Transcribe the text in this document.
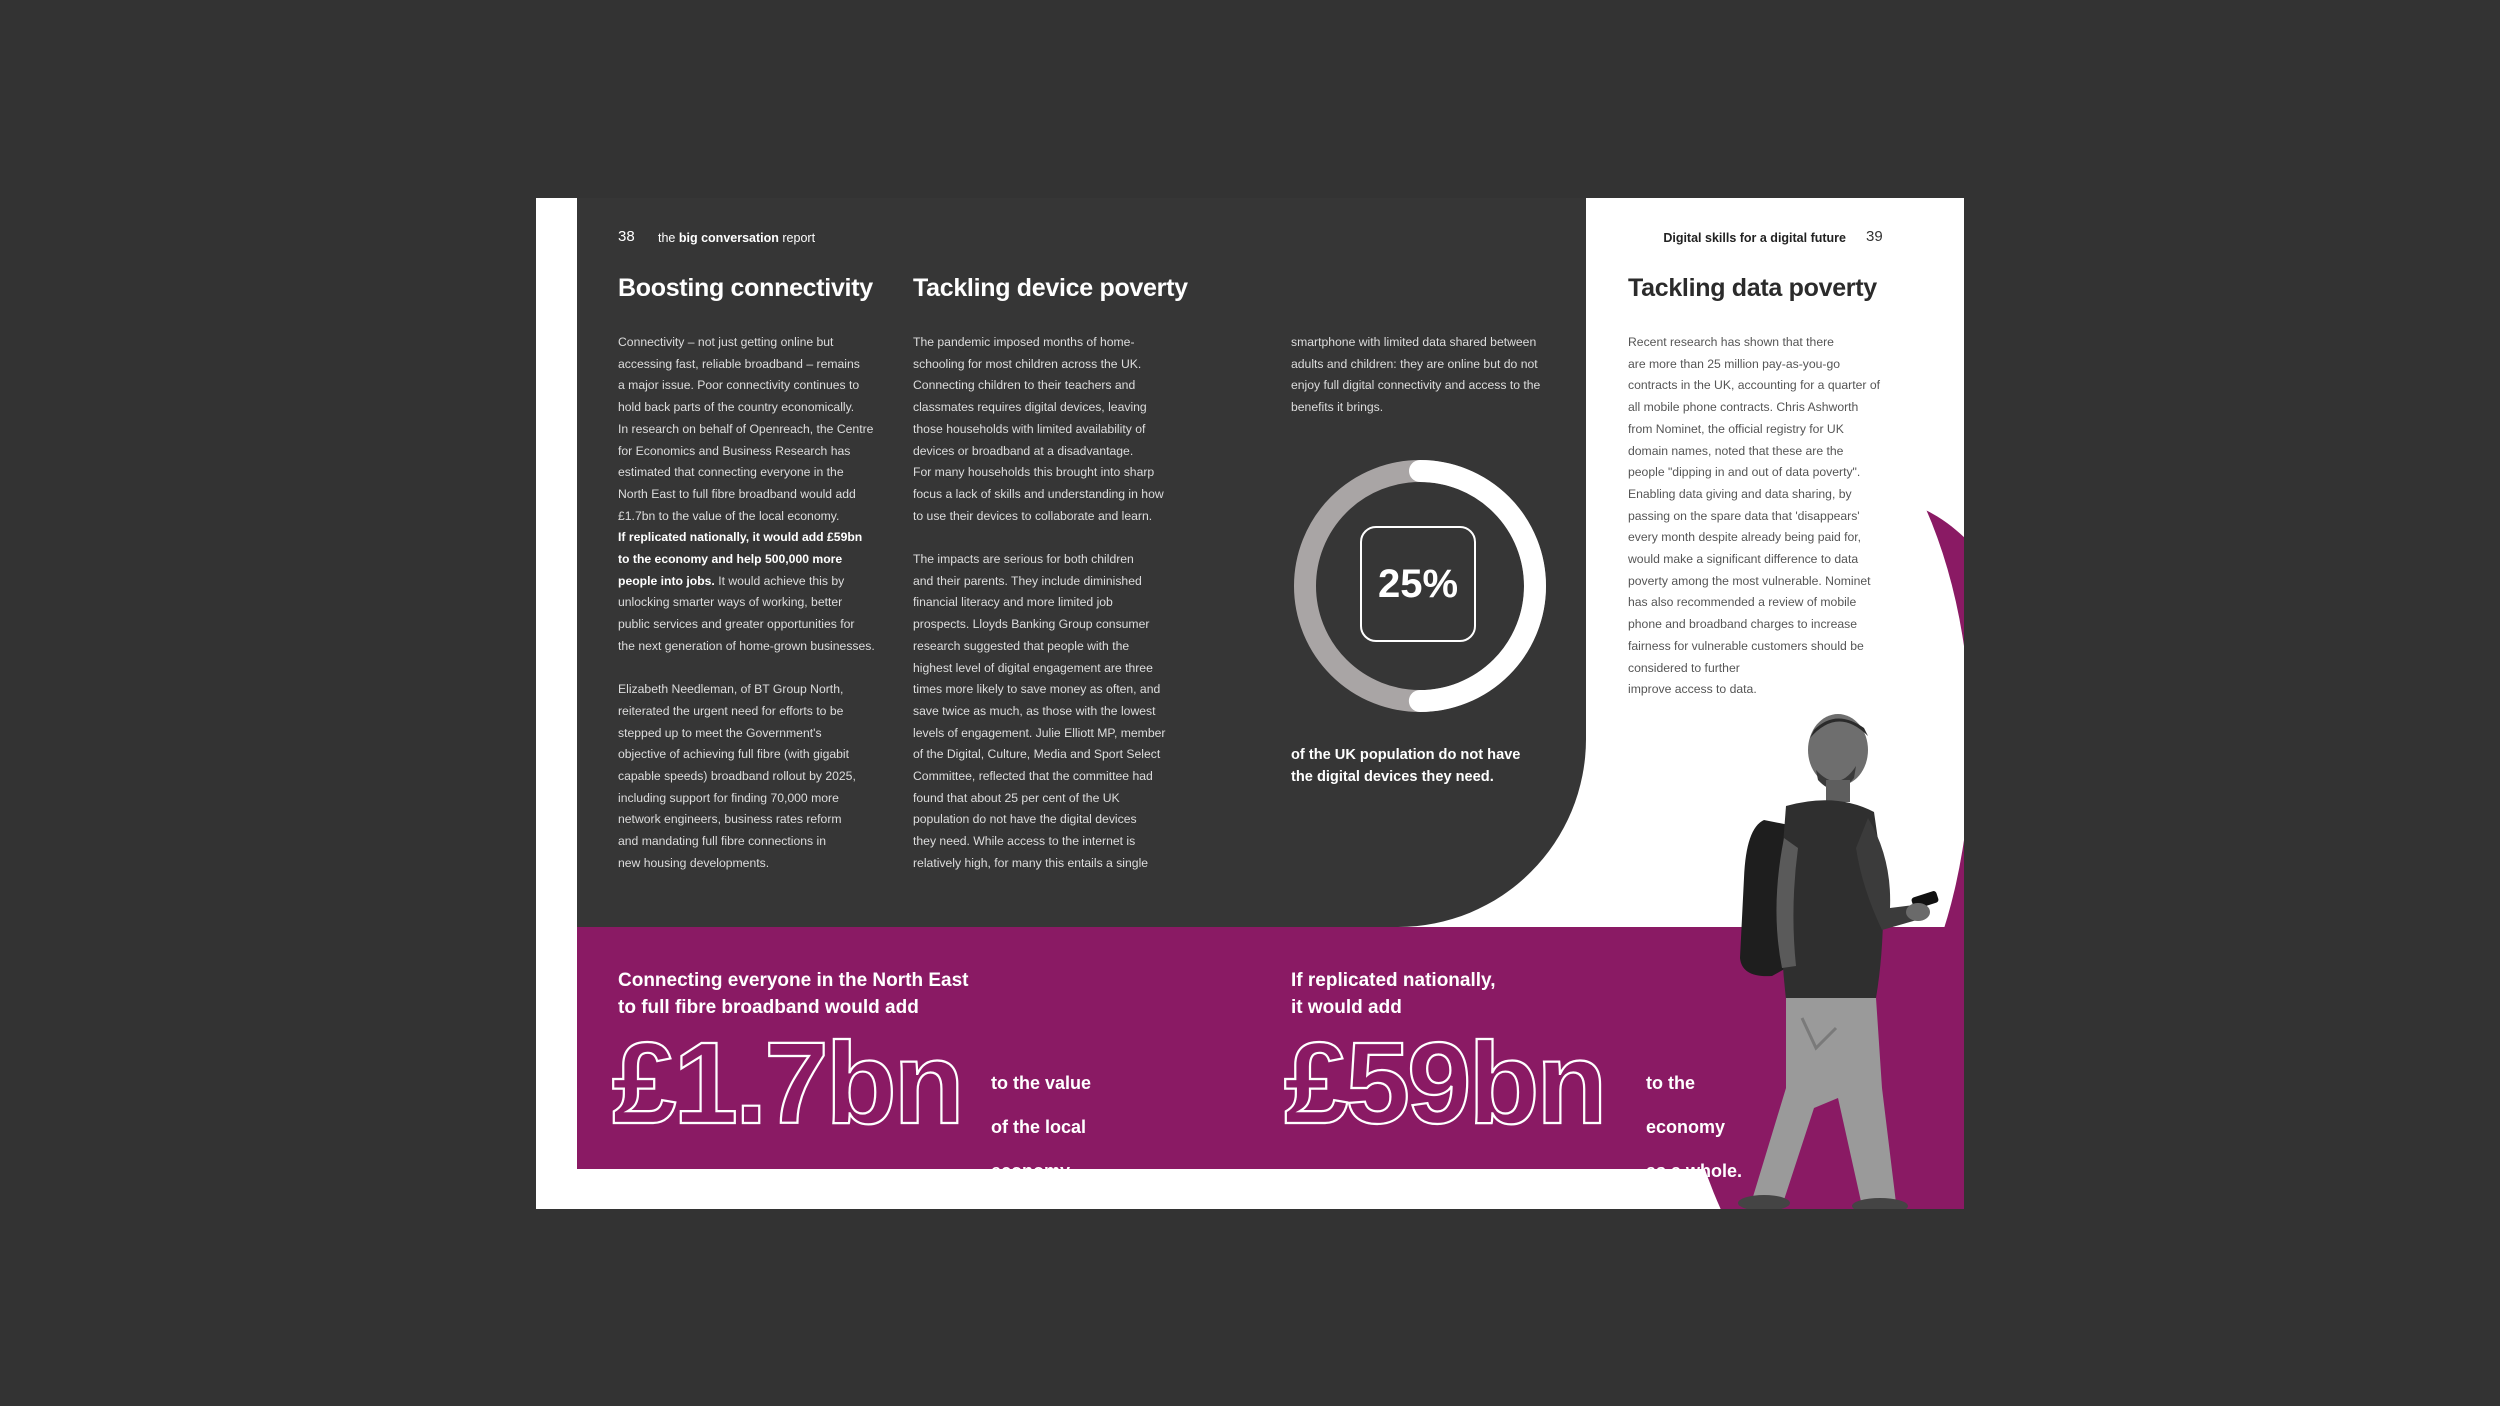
38 the big conversation report	Digital skills for a digital future 39
Boosting connectivity

Connectivity – not just getting online but

accessing fast, reliable broadband – remains

a major issue. Poor connectivity continues to

hold back parts of the country economically.

In research on behalf of Openreach, the Centre

for Economics and Business Research has

estimated that connecting everyone in the

North East to full fibre broadband would add

£1.7bn to the value of the local economy.

If replicated nationally, it would add £59bn

to the economy and help 500,000 more

people into jobs. It would achieve this by

unlocking smarter ways of working, better

public services and greater opportunities for

the next generation of home-grown businesses.

Elizabeth Needleman, of BT Group North,

reiterated the urgent need for efforts to be

stepped up to meet the Government's

objective of achieving full fibre (with gigabit

capable speeds) broadband rollout by 2025,

including support for finding 70,000 more

network engineers, business rates reform

and mandating full fibre connections in

new housing developments.

Tackling device poverty

The pandemic imposed months of home-

schooling for most children across the UK.

Connecting children to their teachers and

classmates requires digital devices, leaving

those households with limited availability of

devices or broadband at a disadvantage.

For many households this brought into sharp

focus a lack of skills and understanding in how

to use their devices to collaborate and learn.

The impacts are serious for both children

and their parents. They include diminished

financial literacy and more limited job

prospects. Lloyds Banking Group consumer

research suggested that people with the

highest level of digital engagement are three

times more likely to save money as often, and

save twice as much, as those with the lowest

levels of engagement. Julie Elliott MP, member

of the Digital, Culture, Media and Sport Select

Committee, reflected that the committee had

found that about 25 per cent of the UK

population do not have the digital devices

they need. While access to the internet is

relatively high, for many this entails a single

smartphone with limited data shared between

adults and children: they are online but do not

enjoy full digital connectivity and access to the

benefits it brings.

25%
of the UK population do not have
the digital devices they need.
Tackling data poverty

Recent research has shown that there

are more than 25 million pay-as-you-go

contracts in the UK, accounting for a quarter of

all mobile phone contracts. Chris Ashworth

from Nominet, the official registry for UK

domain names, noted that these are the

people "dipping in and out of data poverty".

Enabling data giving and data sharing, by

passing on the spare data that 'disappears'

every month despite already being paid for,

would make a significant difference to data

poverty among the most vulnerable. Nominet

has also recommended a review of mobile

phone and broadband charges to increase

fairness for vulnerable customers should be

considered to further

improve access to data.

Connecting everyone in the North East
to full fibre broadband would add
£1.7bn to the value

of the local

economy.

If replicated nationally,
it would add
£59bn to the

economy

as a whole.
